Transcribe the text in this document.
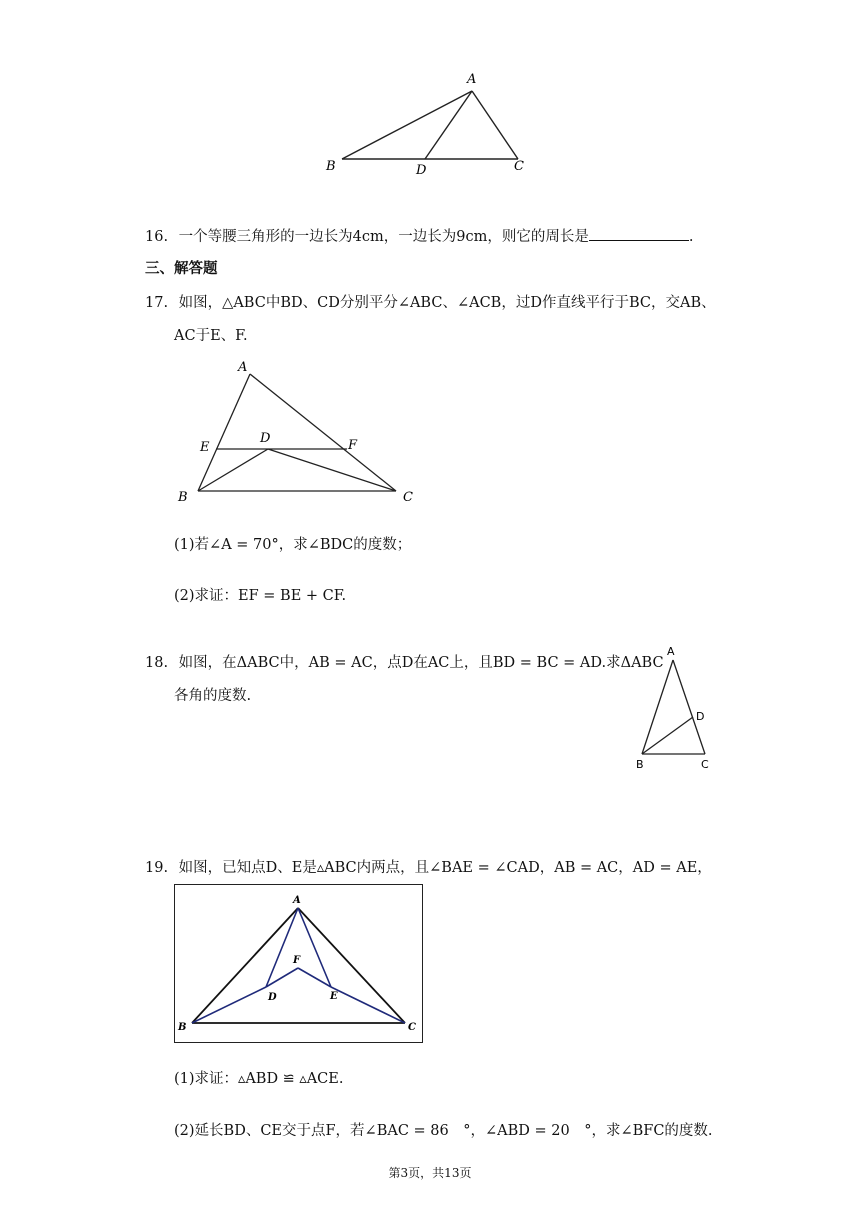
A
B	D	C
16. 一个等腰三角形的一边长为4cm，一边长为9cm，则它的周长是	.
三、解答题
17. 如图，△ABC中BD、CD分别平分∠ABC、∠ACB，过D作直线平行于BC，交AB、
AC于E、F.
A
E
D	F
B	C
(1)若∠A = 70°，求∠BDC的度数；
(2)求证：EF = BE + CF.
18. 如图，在ΔABC中，AB = AC，点D在AC上，且BD = BC = AD.求ΔABC
各角的度数.
A
D
B	C
19. 如图，已知点D、E是▵ABC内两点，且∠BAE = ∠CAD，AB = AC，AD = AE，
A
F
D	E
B	C
(1)求证：▵ABD ≌ ▵ACE.
(2)延长BD、CE交于点F，若∠BAC = 86　°，∠ABD = 20　°，求∠BFC的度数.
第3页，共13页
